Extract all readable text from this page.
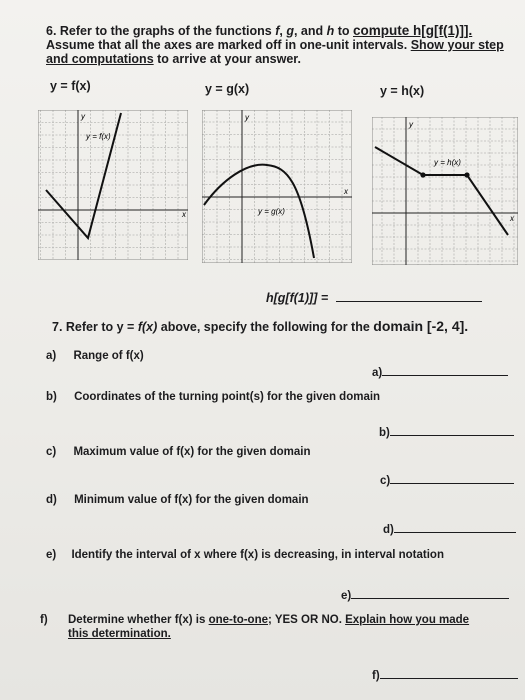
6. Refer to the graphs of the functions f, g, and h to compute h[g[f(1)]].
Assume that all the axes are marked off in one-unit intervals. Show your step
and computations to arrive at your answer.
y = f(x)	y = g(x)	y = h(x)
y
x
y = f(x)
y
x
y = g(x)
y
x
y = h(x)
h[g[f(1)]] =
7. Refer to y = f(x) above, specify the following for the domain [-2, 4].
a) Range of f(x)
a)
b) Coordinates of the turning point(s) for the given domain
b)
c) Maximum value of f(x) for the given domain
c)
d) Minimum value of f(x) for the given domain
d)
e) Identify the interval of x where f(x) is decreasing, in interval notation
e)
f) Determine whether f(x) is one-to-one; YES OR NO. Explain how you made
this determination.
f)
